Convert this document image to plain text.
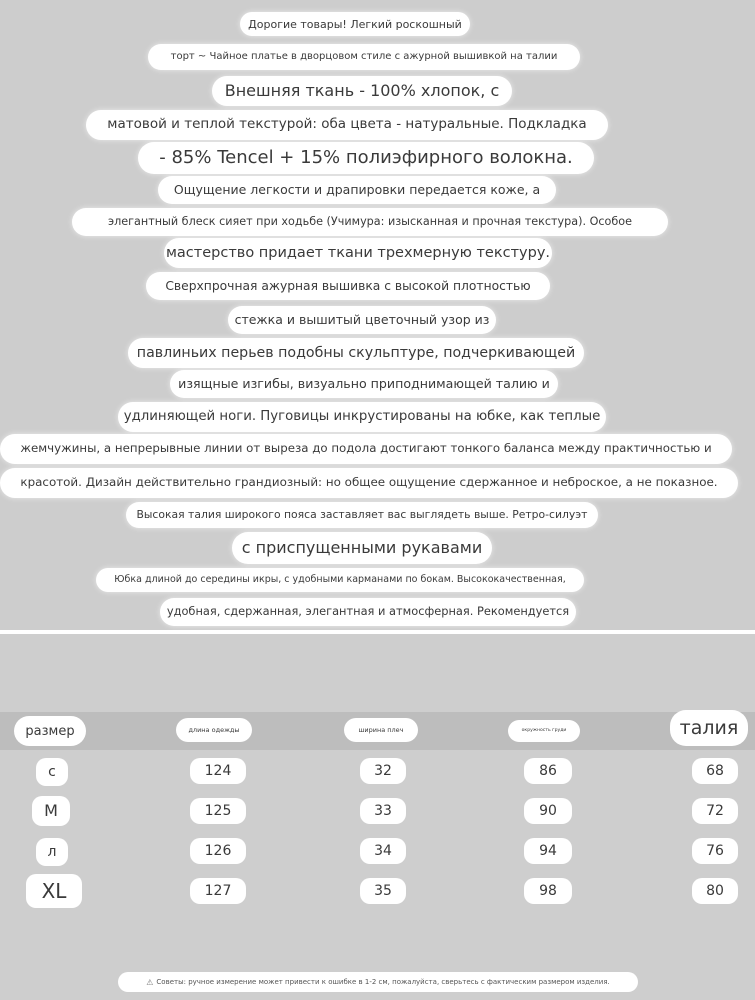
Дорогие товары! Легкий роскошный
торт ~ Чайное платье в дворцовом стиле с ажурной вышивкой на талии
Внешняя ткань - 100% хлопок, с
матовой и теплой текстурой: оба цвета - натуральные. Подкладка
- 85% Tencel + 15% полиэфирного волокна.
Ощущение легкости и драпировки передается коже, а
элегантный блеск сияет при ходьбе (Учимура: изысканная и прочная текстура). Особое
мастерство придает ткани трехмерную текстуру.
Сверхпрочная ажурная вышивка с высокой плотностью
стежка и вышитый цветочный узор из
павлиньих перьев подобны скульптуре, подчеркивающей
изящные изгибы, визуально приподнимающей талию и
удлиняющей ноги. Пуговицы инкрустированы на юбке, как теплые
жемчужины, а непрерывные линии от выреза до подола достигают тонкого баланса между практичностью и
красотой. Дизайн действительно грандиозный: но общее ощущение сдержанное и неброское, а не показное.
Высокая талия широкого пояса заставляет вас выглядеть выше. Ретро-силуэт
с приспущенными рукавами
Юбка длиной до середины икры, с удобными карманами по бокам. Высококачественная,
удобная, сдержанная, элегантная и атмосферная. Рекомендуется
размер	длина одежды	ширина плеч	окружность груди	талия
с	124	32	86	68
M	125	33	90	72
л	126	34	94	76
XL	127	35	98	80
⚠ Советы: ручное измерение может привести к ошибке в 1-2 см, пожалуйста, сверьтесь с фактическим размером изделия.
